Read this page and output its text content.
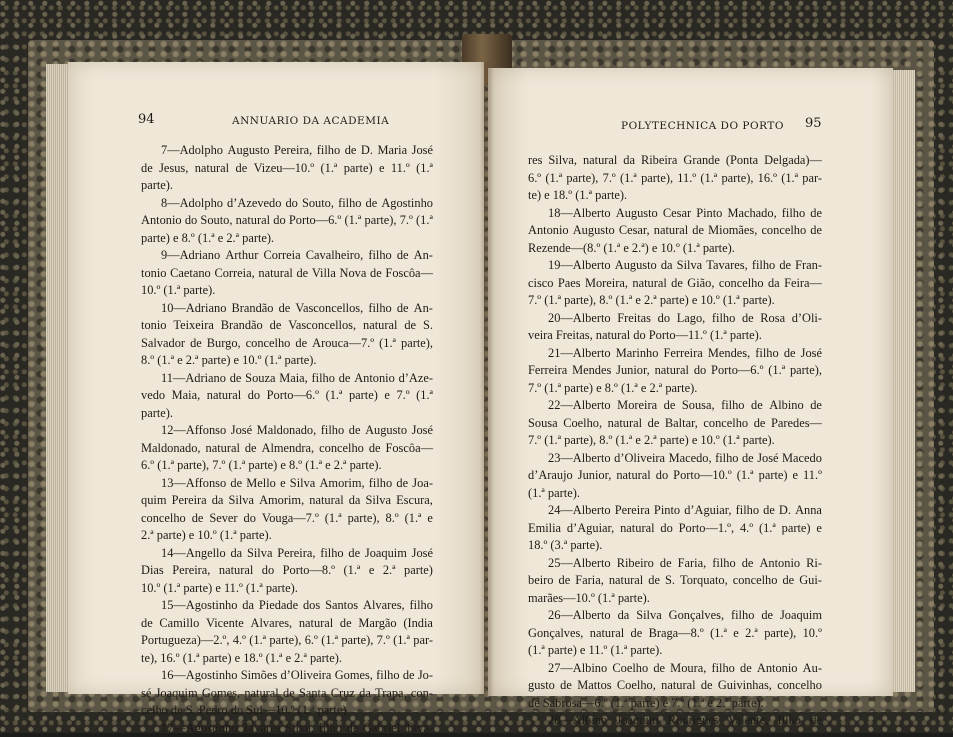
94	ANNUARIO DA ACADEMIA
7—Adolpho Augusto Pereira, filho de D. Maria José
de Jesus, natural de Vizeu—10.º (1.ª parte) e 11.º (1.ª
parte).
8—Adolpho d’Azevedo do Souto, filho de Agostinho
Antonio do Souto, natural do Porto—6.º (1.ª parte), 7.º (1.ª
parte) e 8.º (1.ª e 2.ª parte).
9—Adriano Arthur Correia Cavalheiro, filho de An-
tonio Caetano Correia, natural de Villa Nova de Foscôa—
10.º (1.ª parte).
10—Adriano Brandão de Vasconcellos, filho de An-
tonio Teixeira Brandão de Vasconcellos, natural de S.
Salvador de Burgo, concelho de Arouca—7.º (1.ª parte),
8.º (1.ª e 2.ª parte) e 10.º (1.ª parte).
11—Adriano de Souza Maia, filho de Antonio d’Aze-
vedo Maia, natural do Porto—6.º (1.ª parte) e 7.º (1.ª
parte).
12—Affonso José Maldonado, filho de Augusto José
Maldonado, natural de Almendra, concelho de Foscôa—
6.º (1.ª parte), 7.º (1.ª parte) e 8.º (1.ª e 2.ª parte).
13—Affonso de Mello e Silva Amorim, filho de Joa-
quim Pereira da Silva Amorim, natural da Silva Escura,
concelho de Sever do Vouga—7.º (1.ª parte), 8.º (1.ª e
2.ª parte) e 10.º (1.ª parte).
14—Angello da Silva Pereira, filho de Joaquim José
Dias Pereira, natural do Porto—8.º (1.ª e 2.ª parte)
10.º (1.ª parte) e 11.º (1.ª parte).
15—Agostinho da Piedade dos Santos Alvares, filho
de Camillo Vicente Alvares, natural de Margão (India
Portugueza)—2.º, 4.º (1.ª parte), 6.º (1.ª parte), 7.º (1.ª par-
te), 16.º (1.ª parte) e 18.º (1.ª e 2.ª parte).
16—Agostinho Simões d’Oliveira Gomes, filho de Jo-
sé Joaquim Gomes, natural de Santa Cruz da Trapa, con-
celho de S. Pedro do Sul—10.º (1.ª parte).
17—Agostinho Tavares Silva, filho de Gabriel Tava-
POLYTECHNICA DO PORTO 95
res Silva, natural da Ribeira Grande (Ponta Delgada)—
6.º (1.ª parte), 7.º (1.ª parte), 11.º (1.ª parte), 16.º (1.ª par-
te) e 18.º (1.ª parte).
18—Alberto Augusto Cesar Pinto Machado, filho de
Antonio Augusto Cesar, natural de Miomães, concelho de
Rezende—(8.º (1.ª e 2.ª) e 10.º (1.ª parte).
19—Alberto Augusto da Silva Tavares, filho de Fran-
cisco Paes Moreira, natural de Gião, concelho da Feira—
7.º (1.ª parte), 8.º (1.ª e 2.ª parte) e 10.º (1.ª parte).
20—Alberto Freitas do Lago, filho de Rosa d’Oli-
veira Freitas, natural do Porto—11.º (1.ª parte).
21—Alberto Marinho Ferreira Mendes, filho de José
Ferreira Mendes Junior, natural do Porto—6.º (1.ª parte),
7.º (1.ª parte) e 8.º (1.ª e 2.ª parte).
22—Alberto Moreira de Sousa, filho de Albino de
Sousa Coelho, natural de Baltar, concelho de Paredes—
7.º (1.ª parte), 8.º (1.ª e 2.ª parte) e 10.º (1.ª parte).
23—Alberto d’Oliveira Macedo, filho de José Macedo
d’Araujo Junior, natural do Porto—10.º (1.ª parte) e 11.º
(1.ª parte).
24—Alberto Pereira Pinto d’Aguiar, filho de D. Anna
Emilia d’Aguiar, natural do Porto—1.º, 4.º (1.ª parte) e
18.º (3.ª parte).
25—Alberto Ribeiro de Faria, filho de Antonio Ri-
beiro de Faria, natural de S. Torquato, concelho de Gui-
marães—10.º (1.ª parte).
26—Alberto da Silva Gonçalves, filho de Joaquim
Gonçalves, natural de Braga—8.º (1.ª e 2.ª parte), 10.º
(1.ª parte) e 11.º (1.ª parte).
27—Albino Coelho de Moura, filho de Antonio Au-
gusto de Mattos Coelho, natural de Guivinhas, concelho
de Sabrosa—6.º (1.ª parte) e 7.º (1.ª e 2.ª parte).
28—Albino Joaquim Rodrigues Valente, filho de
